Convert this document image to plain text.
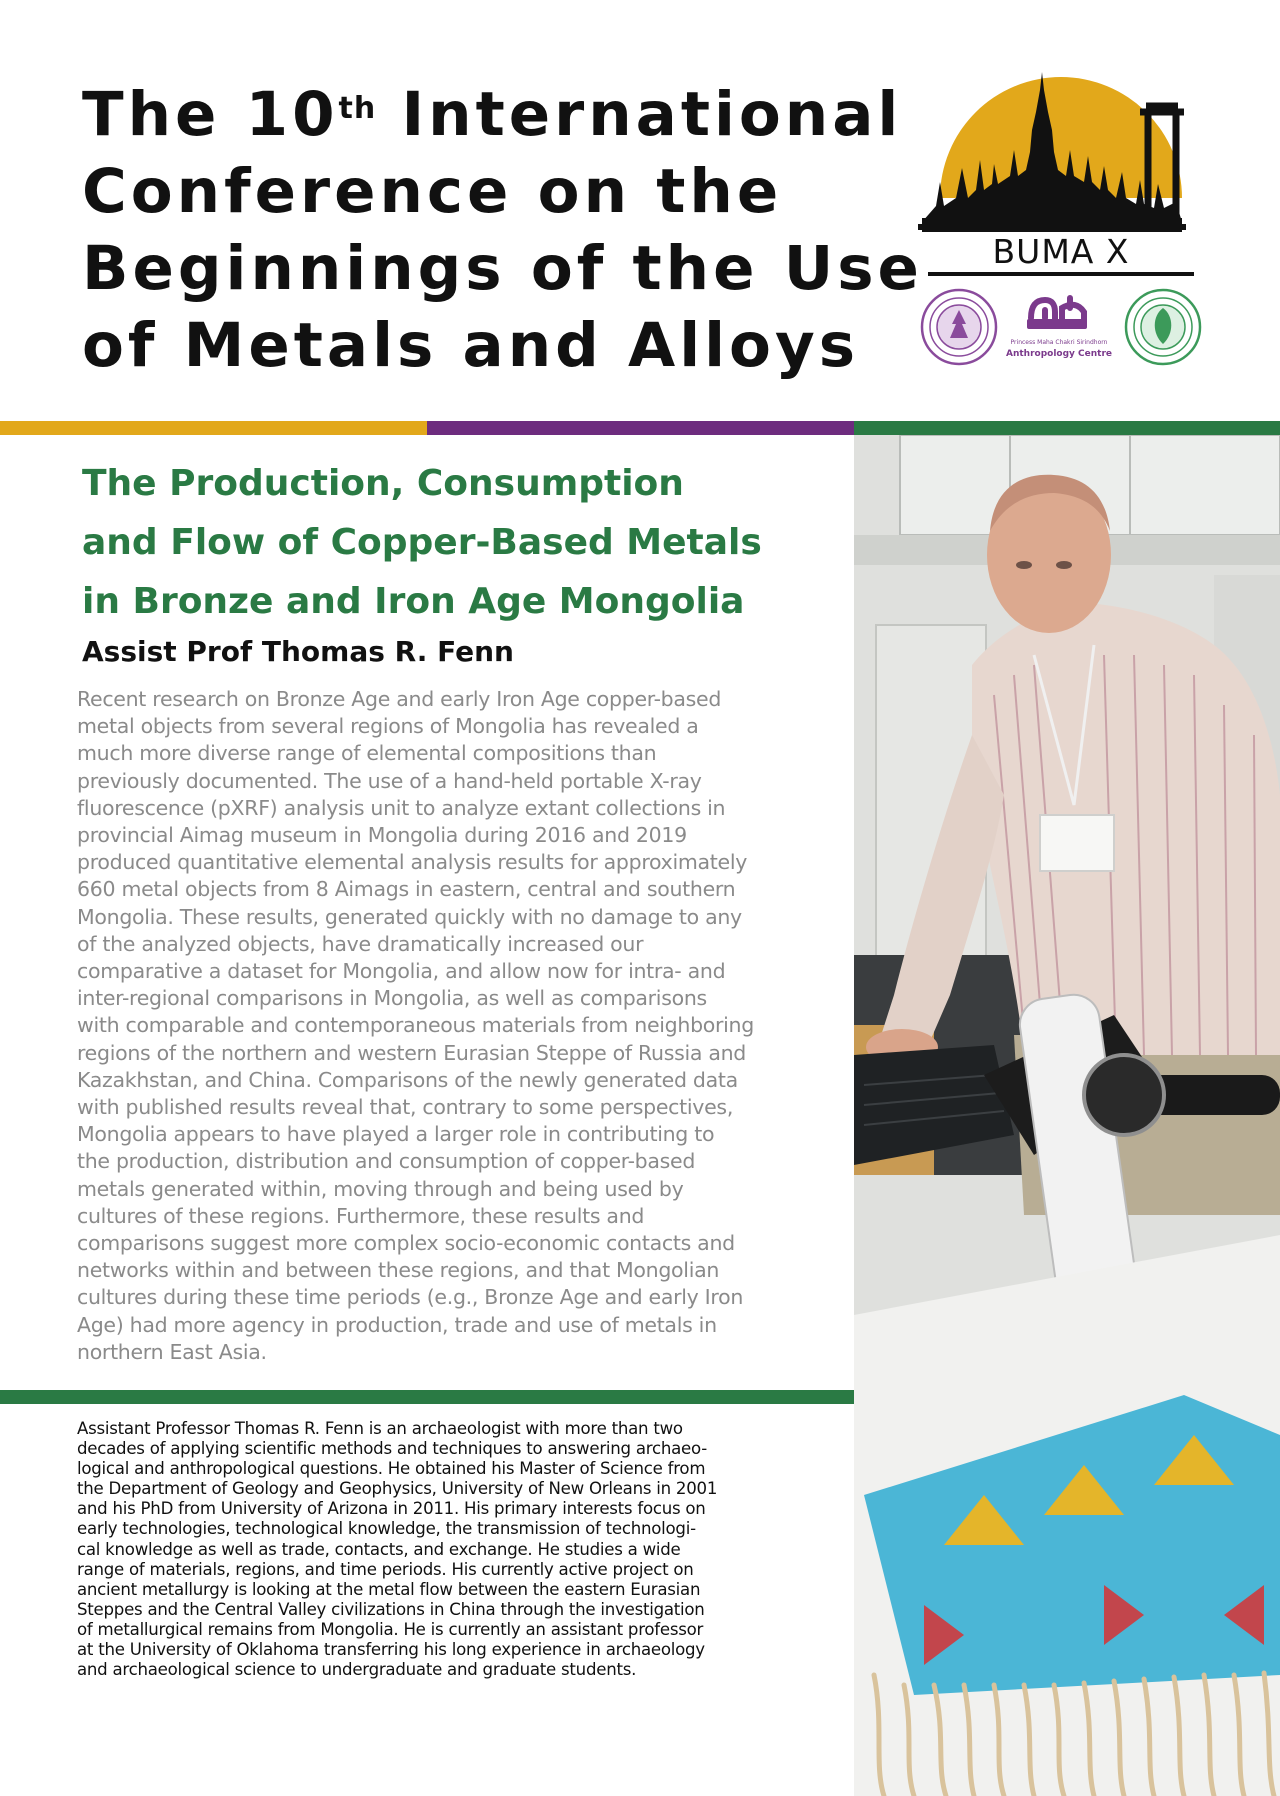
The 10th International
Conference on the
Beginnings of the Use
of Metals and Alloys
BUMA X
Princess Maha Chakri Sirindhorn
Anthropology Centre
The Production, Consumption
and Flow of Copper-Based Metals
in Bronze and Iron Age Mongolia
Assist Prof Thomas R. Fenn
Recent research on Bronze Age and early Iron Age copper-based
metal objects from several regions of Mongolia has revealed a
much more diverse range of elemental compositions than
previously documented. The use of a hand-held portable X-ray
fluorescence (pXRF) analysis unit to analyze extant collections in
provincial Aimag museum in Mongolia during 2016 and 2019
produced quantitative elemental analysis results for approximately
660 metal objects from 8 Aimags in eastern, central and southern
Mongolia. These results, generated quickly with no damage to any
of the analyzed objects, have dramatically increased our
comparative a dataset for Mongolia, and allow now for intra- and
inter-regional comparisons in Mongolia, as well as comparisons
with comparable and contemporaneous materials from neighboring
regions of the northern and western Eurasian Steppe of Russia and
Kazakhstan, and China. Comparisons of the newly generated data
with published results reveal that, contrary to some perspectives,
Mongolia appears to have played a larger role in contributing to
the production, distribution and consumption of copper-based
metals generated within, moving through and being used by
cultures of these regions. Furthermore, these results and
comparisons suggest more complex socio-economic contacts and
networks within and between these regions, and that Mongolian
cultures during these time periods (e.g., Bronze Age and early Iron
Age) had more agency in production, trade and use of metals in
northern East Asia.
Assistant Professor Thomas R. Fenn is an archaeologist with more than two
decades of applying scientific methods and techniques to answering archaeo-
logical and anthropological questions. He obtained his Master of Science from
the Department of Geology and Geophysics, University of New Orleans in 2001
and his PhD from University of Arizona in 2011. His primary interests focus on
early technologies, technological knowledge, the transmission of technologi-
cal knowledge as well as trade, contacts, and exchange. He studies a wide
range of materials, regions, and time periods. His currently active project on
ancient metallurgy is looking at the metal flow between the eastern Eurasian
Steppes and the Central Valley civilizations in China through the investigation
of metallurgical remains from Mongolia. He is currently an assistant professor
at the University of Oklahoma transferring his long experience in archaeology
and archaeological science to undergraduate and graduate students.
